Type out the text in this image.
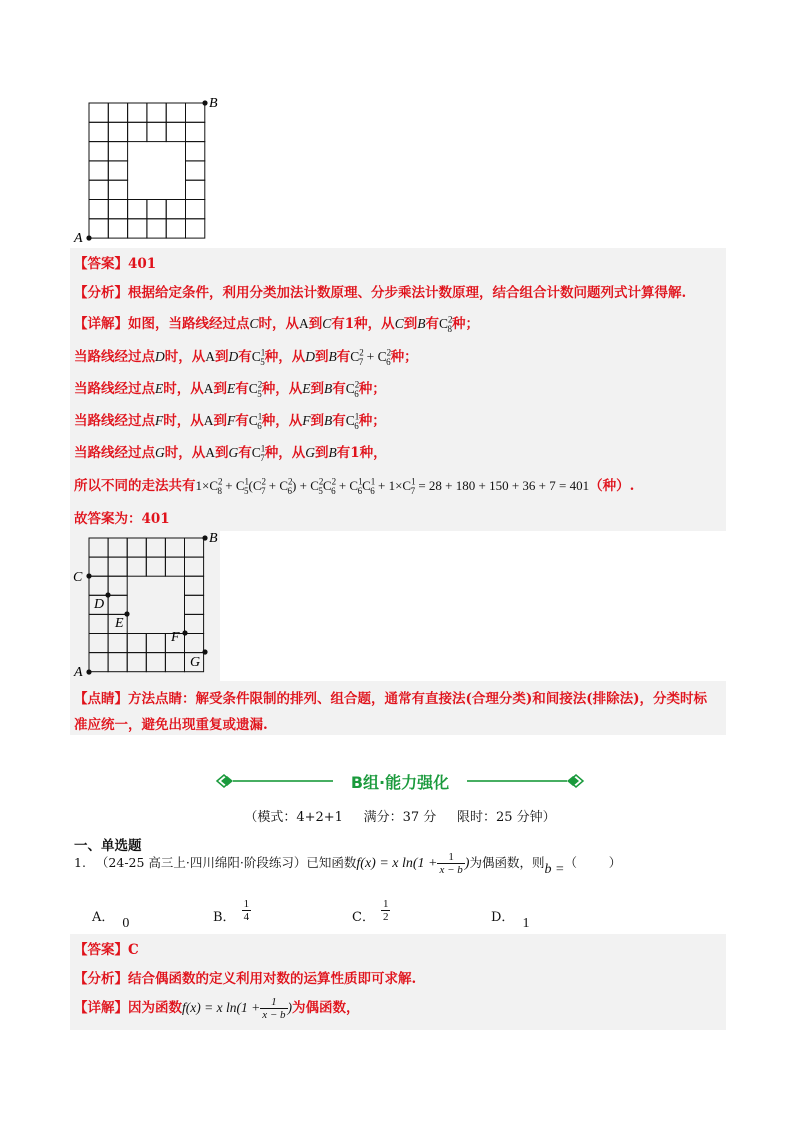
B
A
【答案】401
【分析】根据给定条件，利用分类加法计数原理、分步乘法计数原理，结合组合计数问题列式计算得解.
【详解】如图，当路线经过点C时，从A到C有1种，从C到B有$C^2_8$种；
当路线经过点D时，从A到D有$C^1_5$种，从D到B有$C^2_7 + C^2_6$种；
当路线经过点E时，从A到E有$C^2_5$种，从E到B有$C^2_6$种；
当路线经过点F时，从A到F有$C^1_6$种，从F到B有$C^1_6$种；
当路线经过点G时，从A到G有$C^1_7$种，从G到B有1种，
所以不同的走法共有$1\times C^2_8 + C^1_5(C^2_7 + C^2_6) + C^2_5C^2_6 + C^1_6C^1_6 + 1\times C^1_7 = 28 + 180 + 150 + 36 + 7 = 401$（种）.
故答案为：401
B
A
C
D
E
F
G
【点睛】方法点睛：解受条件限制的排列、组合题，通常有直接法(合理分类)和间接法(排除法)，分类时标
准应统一，避免出现重复或遗漏.
B组·能力强化
（模式：4+2+1     满分：37 分     限时：25 分钟）
一、单选题
1. （24-25 高三上·四川绵阳·阶段练习）已知函数f(x) = x $\ln(1 + \frac{1}{x - b}$ )为偶函数，则b =（        ）
A． 0	B． $\frac{1}{4}$	C． $\frac{1}{2}$	D． 1
【答案】C
【分析】结合偶函数的定义利用对数的运算性质即可求解.
【详解】因为函数f(x) = x $\ln(1 + \frac{1}{x - b}$ )为偶函数，
